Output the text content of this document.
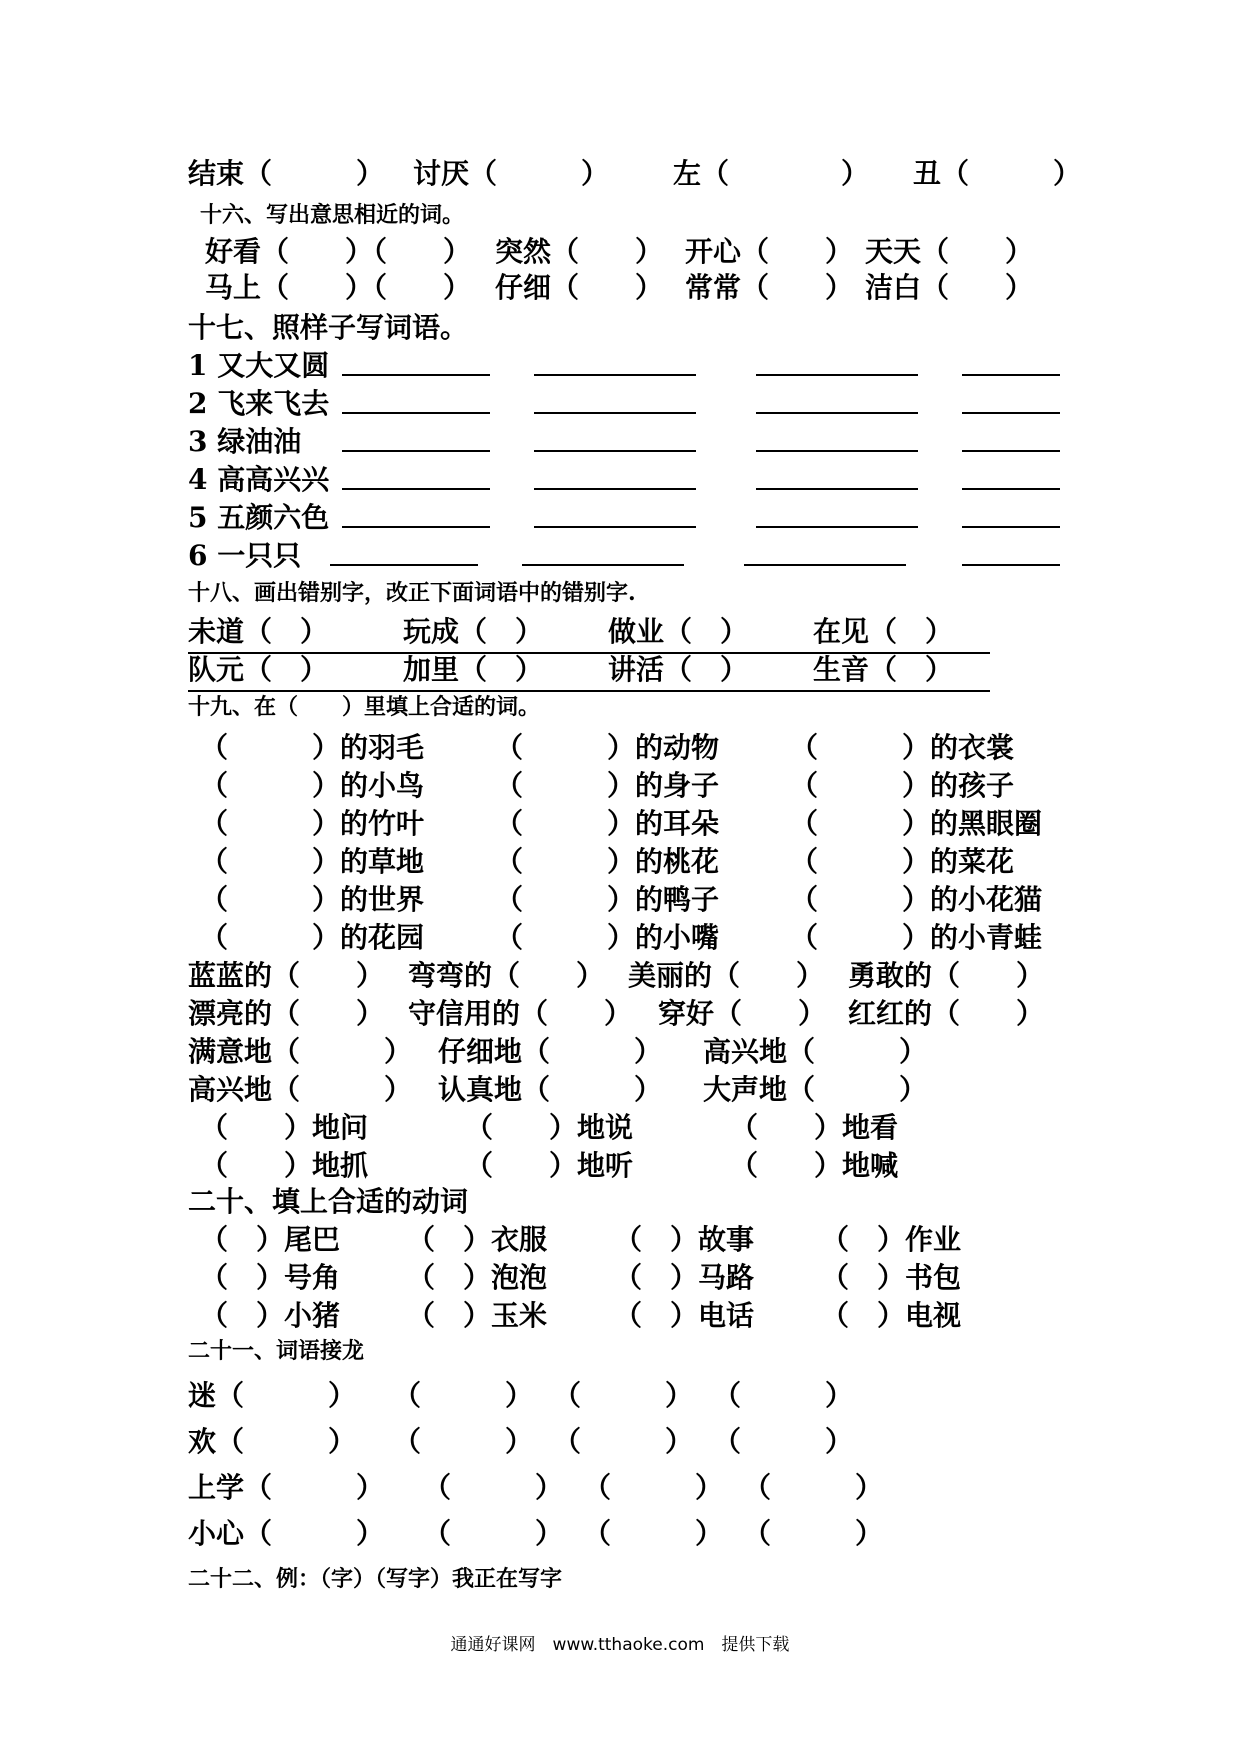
结束（　　　） 讨厌（　　　） 左（　　　　） 丑（　　　）
十六、写出意思相近的词。
好看（　　）（　　） 突然（　　） 开心（　　） 天天（　　）
马上（　　）（　　） 仔细（　　） 常常（　　） 洁白（　　）
十七、照样子写词语。
1 又大又圆
2 飞来飞去
3 绿油油
4 高高兴兴
5 五颜六色
6 一只只
十八、画出错别字，改正下面词语中的错别字.
未道（　）	玩成（　）	做业（　）	在见（　）
队元（　）	加里（　）	讲活（　）	生音（　）
十九、在（　　）里填上合适的词。
（　　　）的羽毛	（　　　）的动物	（　　　）的衣裳
（　　　）的小鸟	（　　　）的身子	（　　　）的孩子
（　　　）的竹叶	（　　　）的耳朵	（　　　）的黑眼圈
（　　　）的草地	（　　　）的桃花	（　　　）的菜花
（　　　）的世界	（　　　）的鸭子	（　　　）的小花猫
（　　　）的花园	（　　　）的小嘴	（　　　）的小青蛙
蓝蓝的（　　） 弯弯的（　　） 美丽的（　　） 勇敢的（　　）
漂亮的（　　） 守信用的（　　） 穿好（　　） 红红的（　　）
满意地（　　　） 仔细地（　　　） 高兴地（　　　）
高兴地（　　　） 认真地（　　　） 大声地（　　　）
（　　）地问	（　　）地说	（　　）地看
（　　）地抓	（　　）地听	（　　）地喊
二十、填上合适的动词
（　）尾巴 （　）衣服 （　）故事 （　）作业
（　）号角 （　）泡泡 （　）马路 （　）书包
（　）小猪 （　）玉米 （　）电话 （　）电视
二十一、词语接龙
迷（　　　） （　　　） （　　　） （　　　）
欢（　　　） （　　　） （　　　） （　　　）
上学（　　　） （　　　） （　　　） （　　　）
小心（　　　） （　　　） （　　　） （　　　）
二十二、例：（字）（写字）我正在写字
通通好课网　www.tthaoke.com　提供下载
